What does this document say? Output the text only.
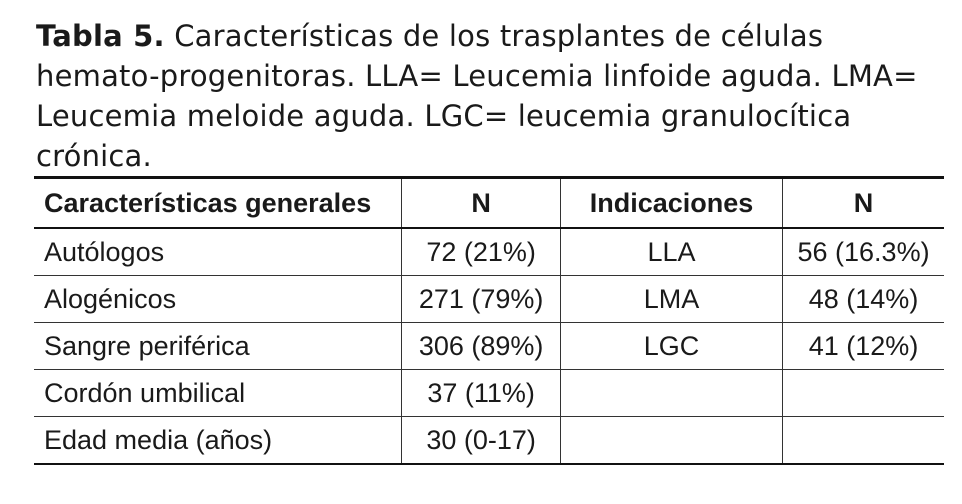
Tabla 5. Características de los trasplantes de células hemato-progenitoras. LLA= Leucemia linfoide aguda. LMA= Leucemia meloide aguda. LGC= leucemia granulocítica crónica.
Características generales	N	Indicaciones	N
Autólogos	72 (21%)	LLA	56 (16.3%)
Alogénicos	271 (79%)	LMA	48 (14%)
Sangre periférica	306 (89%)	LGC	41 (12%)
Cordón umbilical	37 (11%)		
Edad media (años)	30 (0-17)		
